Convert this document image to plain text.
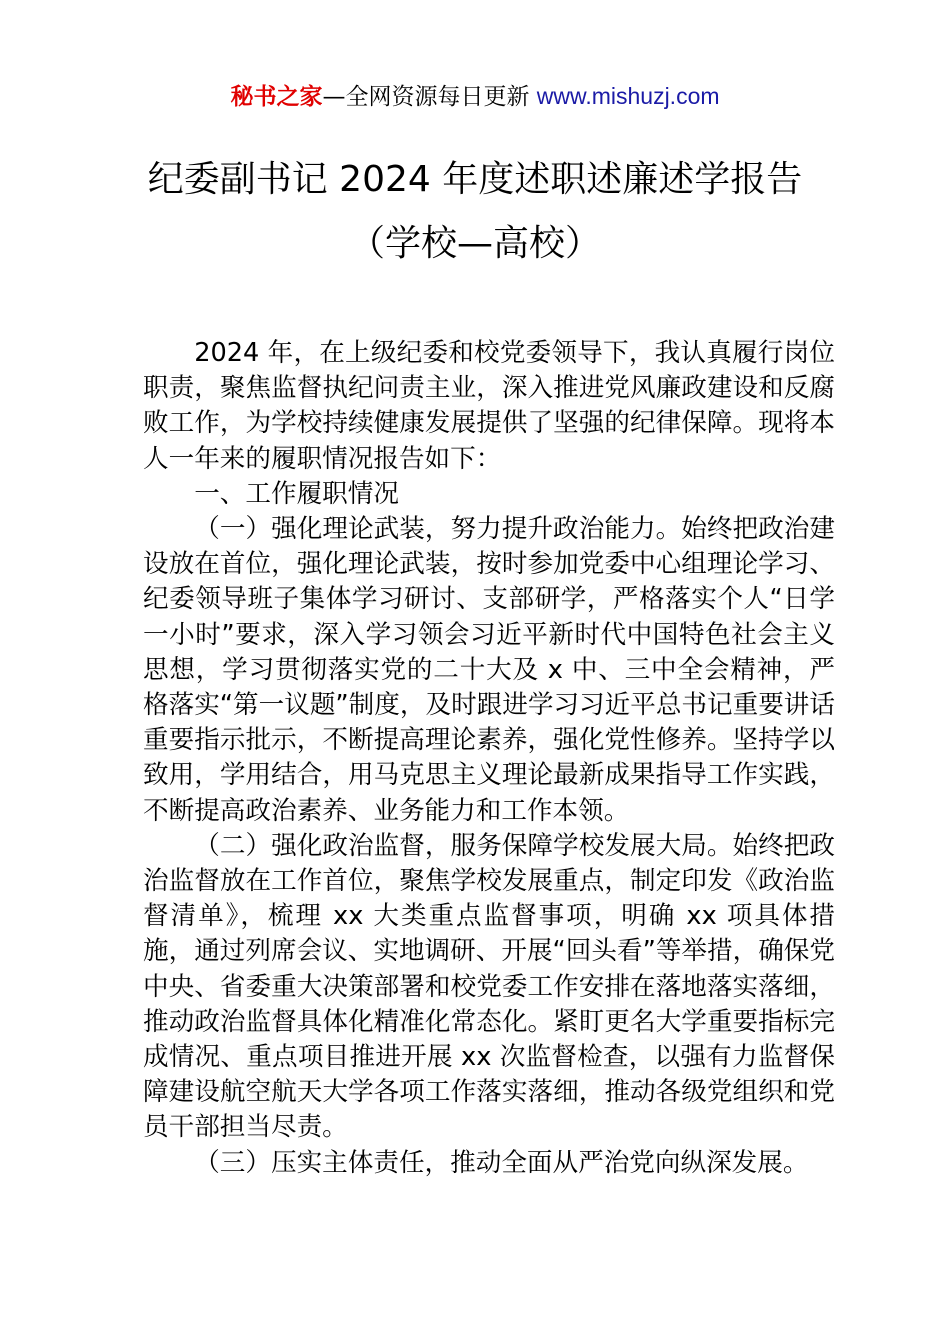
秘书之家—全网资源每日更新 www.mishuzj.com
纪委副书记 2024 年度述职述廉述学报告
（学校—高校）

2024 年，在上级纪委和校党委领导下，我认真履行岗位职责，聚焦监督执纪问责主业，深入推进党风廉政建设和反腐败工作，为学校持续健康发展提供了坚强的纪律保障。现将本人一年来的履职情况报告如下：

一、工作履职情况

（一）强化理论武装，努力提升政治能力。始终把政治建设放在首位，强化理论武装，按时参加党委中心组理论学习、纪委领导班子集体学习研讨、支部研学，严格落实个人“日学一小时”要求，深入学习领会习近平新时代中国特色社会主义思想，学习贯彻落实党的二十大及 x 中、三中全会精神，严格落实“第一议题”制度，及时跟进学习习近平总书记重要讲话重要指示批示，不断提高理论素养，强化党性修养。坚持学以致用，学用结合，用马克思主义理论最新成果指导工作实践，不断提高政治素养、业务能力和工作本领。

（二）强化政治监督，服务保障学校发展大局。始终把政治监督放在工作首位，聚焦学校发展重点，制定印发《政治监督清单》，梳理 xx 大类重点监督事项，明确 xx 项具体措施，通过列席会议、实地调研、开展“回头看”等举措，确保党中央、省委重大决策部署和校党委工作安排在落地落实落细，推动政治监督具体化精准化常态化。紧盯更名大学重要指标完成情况、重点项目推进开展 xx 次监督检查，以强有力监督保障建设航空航天大学各项工作落实落细，推动各级党组织和党员干部担当尽责。

（三）压实主体责任，推动全面从严治党向纵深发展。
